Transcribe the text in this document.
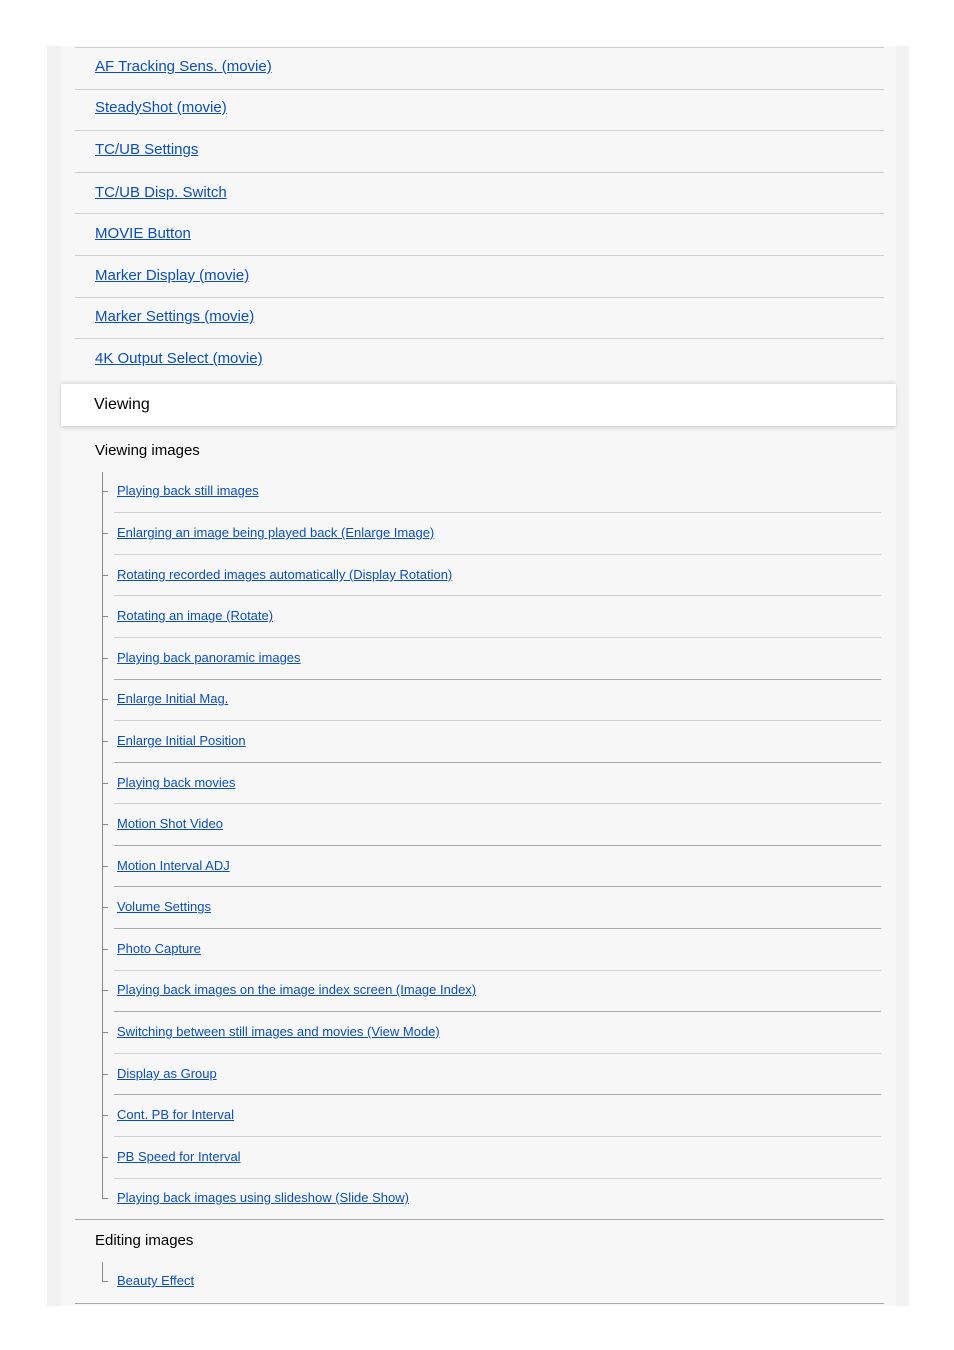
AF Tracking Sens. (movie)
SteadyShot (movie)
TC/UB Settings
TC/UB Disp. Switch
MOVIE Button
Marker Display (movie)
Marker Settings (movie)
4K Output Select (movie)
Viewing
Viewing images
Playing back still images
Enlarging an image being played back (Enlarge Image)
Rotating recorded images automatically (Display Rotation)
Rotating an image (Rotate)
Playing back panoramic images
Enlarge Initial Mag.
Enlarge Initial Position
Playing back movies
Motion Shot Video
Motion Interval ADJ
Volume Settings
Photo Capture
Playing back images on the image index screen (Image Index)
Switching between still images and movies (View Mode)
Display as Group
Cont. PB for Interval
PB Speed for Interval
Playing back images using slideshow (Slide Show)
Editing images
Beauty Effect
